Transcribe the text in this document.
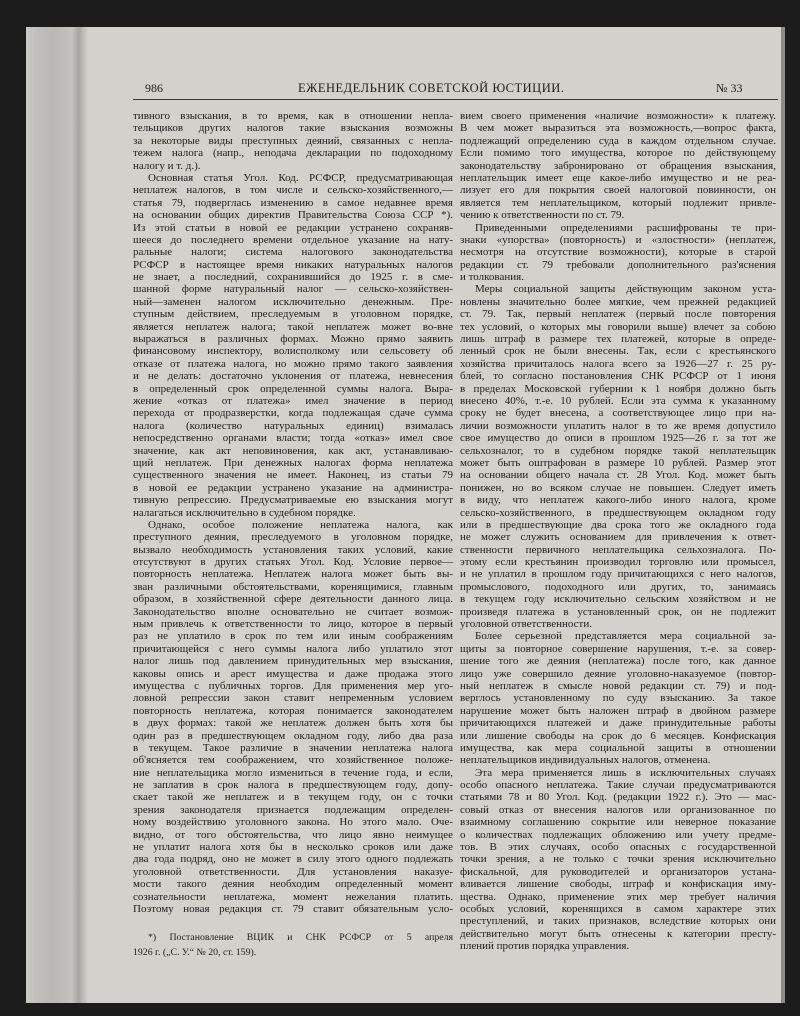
986	ЕЖЕНЕДЕЛЬНИК СОВЕТСКОЙ ЮСТИЦИИ.	№ 33
тивного взыскания, в то время, как в отношении непла-
тельщиков других налогов такие взыскания возможны
за некоторые виды преступных деяний, связанных с непла-
тежем налога (напр., неподача декларации по подоходному
налогу и т. д.).
Основная статья Угол. Код. РСФСР, предусматривающая
неплатеж налогов, в том числе и сельско-хозяйственного,—
статья 79, подверглась изменению в самое недавнее время
на основании общих директив Правительства Союза ССР *).
Из этой статьи в новой ее редакции устранено сохраняв-
шееся до последнего времени отдельное указание на нату-
ральные налоги; система налогового законодательства
РСФСР в настоящее время никаких натуральных налогов
не знает, а последний, сохранившийся до 1925 г. в сме-
шанной форме натуральный налог — сельско-хозяйствен-
ный—заменен налогом исключительно денежным. Пре-
ступным действием, преследуемым в уголовном порядке,
является неплатеж налога; такой неплатеж может во-вне
выражаться в различных формах. Можно прямо заявить
финансовому инспектору, волисполкому или сельсовету об
отказе от платежа налога, но можно прямо такого заявления
и не делать: достаточно уклонения от платежа, невнесения
в определенный срок определенной суммы налога. Выра-
жение «отказ от платежа» имел значение в период
перехода от продразверстки, когда подлежащая сдаче сумма
налога (количество натуральных единиц) взималась
непосредственно органами власти; тогда «отказ» имел свое
значение, как акт неповиновения, как акт, устанавливаю-
щий неплатеж. При денежных налогах форма неплатежа
существенного значения не имеет. Наконец, из статьи 79
в новой ее редакции устранено указание на администра-
тивную репрессию. Предусматриваемые ею взыскания могут
налагаться исключительно в судебном порядке.
Однако, особое положение неплатежа налога, как
преступного деяния, преследуемого в уголовном порядке,
вызвало необходимость установления таких условий, какие
отсутствуют в других статьях Угол. Код. Условие первое—
повторность неплатежа. Неплатеж налога может быть вы-
зван различными обстоятельствами, коренящимися, главным
образом, в хозяйственной сфере деятельности данного лица.
Законодательство вполне основательно не считает возмож-
ным привлечь к ответственности то лицо, которое в первый
раз не уплатило в срок по тем или иным соображениям
причитающейся с него суммы налога либо уплатило этот
налог лишь под давлением принудительных мер взыскания,
каковы опись и арест имущества и даже продажа этого
имущества с публичных торгов. Для применения мер уго-
ловной репрессии закон ставит непременным условием
повторность неплатежа, которая понимается законодателем
в двух формах: такой же неплатеж должен быть хотя бы
один раз в предшествующем окладном году, либо два раза
в текущем. Такое различие в значении неплатежа налога
об'ясняется тем соображением, что хозяйственное положе-
ние неплательщика могло измениться в течение года, и если,
не заплатив в срок налога в предшествующем году, допу-
скает такой же неплатеж и в текущем году, он с точки
зрения законодателя признается подлежащим определен-
ному воздействию уголовного закона. Но этого мало. Оче-
видно, от того обстоятельства, что лицо явно неимущее
не уплатит налога хотя бы в несколько сроков или даже
два года подряд, оно не может в силу этого одного подлежать
уголовной ответственности. Для установления наказуе-
мости такого деяния необходим определенный момент
сознательности неплатежа, момент нежелания платить.
Поэтому новая редакция ст. 79 ставит обязательным усло-
вием своего применения «наличие возможности» к платежу.
В чем может выразиться эта возможность,—вопрос факта,
подлежащий определению суда в каждом отдельном случае.
Если помимо того имущества, которое по действующему
законодательству забронировано от обращения взыскания,
неплательщик имеет еще какое-либо имущество и не реа-
лизует его для покрытия своей налоговой повинности, он
является тем неплательщиком, который подлежит привле-
чению к ответственности по ст. 79.
Приведенными определениями расшифрованы те при-
знаки «упорства» (повторность) и «злостности» (неплатеж,
несмотря на отсутствие возможности), которые в старой
редакции ст. 79 требовали дополнительного раз'яснения
и толкования.
Меры социальной защиты действующим законом уста-
новлены значительно более мягкие, чем прежней редакцией
ст. 79. Так, первый неплатеж (первый после повторения
тех условий, о которых мы говорили выше) влечет за собою
лишь штраф в размере тех платежей, которые в опреде-
ленный срок не были внесены. Так, если с крестьянского
хозяйства причиталось налога всего за 1926—27 г. 25 ру-
блей, то согласно постановления СНК РСФСР от 1 июня
в пределах Московской губернии к 1 ноября должно быть
внесено 40%, т.-е. 10 рублей. Если эта сумма к указанному
сроку не будет внесена, а соответствующее лицо при на-
личии возможности уплатить налог в то же время допустило
свое имущество до описи в прошлом 1925—26 г. за тот же
сельхозналог, то в судебном порядке такой неплательщик
может быть оштрафован в размере 10 рублей. Размер этот
на основании общего начала ст. 28 Угол. Код. может быть
понижен, но во всяком случае не повышен. Следует иметь
в виду, что неплатеж какого-либо иного налога, кроме
сельско-хозяйственного, в предшествующем окладном году
или в предшествующие два срока того же окладного года
не может служить основанием для привлечения к ответ-
ственности первичного неплательщика сельхозналога. По-
этому если крестьянин производил торговлю или промысел,
и не уплатил в прошлом году причитающихся с него налогов,
промыслового, подоходного или других, то, занимаясь
в текущем году исключительно сельским хозяйством и не
произведя платежа в установленный срок, он не подлежит
уголовной ответственности.
Более серьезной представляется мера социальной за-
щиты за повторное совершение нарушения, т.-е. за совер-
шение того же деяния (неплатежа) после того, как данное
лицо уже совершило деяние уголовно-наказуемое (повтор-
ный неплатеж в смысле новой редакции ст. 79) и под-
верглось установленному по суду взысканию. За такое
нарушение может быть наложен штраф в двойном размере
причитающихся платежей и даже принудительные работы
или лишение свободы на срок до 6 месяцев. Конфискация
имущества, как мера социальной защиты в отношении
неплательщиков индивидуальных налогов, отменена.
Эта мера применяется лишь в исключительных случаях
особо опасного неплатежа. Такие случаи предусматриваются
статьями 78 и 80 Угол. Код. (редакции 1922 г.). Это — мас-
совый отказ от внесения налогов или организованное по
взаимному соглашению сокрытие или неверное показание
о количествах подлежащих обложению или учету предме-
тов. В этих случаях, особо опасных с государственной
точки зрения, а не только с точки зрения исключительно
фискальной, для руководителей и организаторов устана-
вливается лишение свободы, штраф и конфискация иму-
щества. Однако, применение этих мер требует наличия
особых условий, коренящихся в самом характере этих
преступлений, и таких признаков, вследствие которых они
действительно могут быть отнесены к категории престу-
плений против порядка управления.
*) Постановление ВЦИК и СНК РСФСР от 5 апреля
1926 г. („С. У.“ № 20, ст. 159).
